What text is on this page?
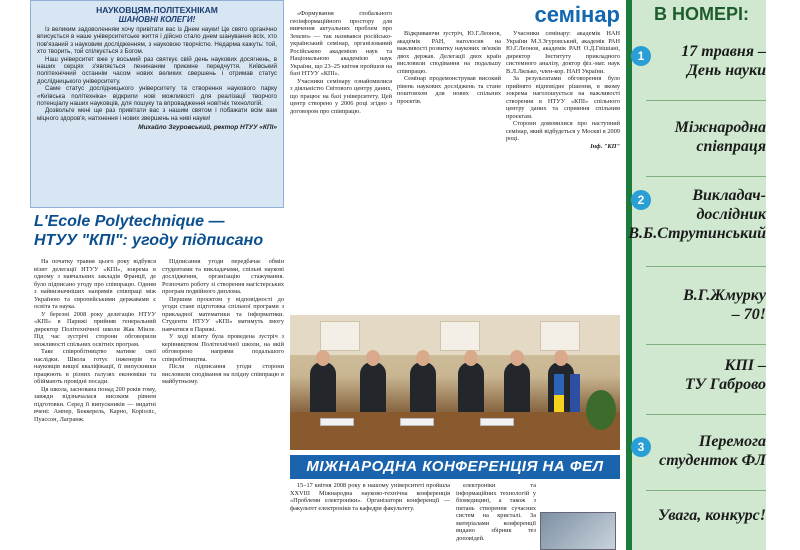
НАУКОВЦЯМ-ПОЛІТЕХНІКАМ
ШАНОВНІ КОЛЕГИ!

Із великим задоволенням хочу привітати вас із Днем науки! Це свято органічно вписується в наше університетське життя і дійсно стало днем шанування всіх, хто пов'язаний з науковим дослідженням, з науковою творчістю. Недарма кажуть: той, хто творить, той спілкується з Богом.

Наш університет вже у восьмий раз святкує свій день наукових досягнень, в наших серцях з'являється пенинаним приємне передчуття. Київський політехнічний останнім часом нових великих свершень і отримав статус дослідницького університету.

Саме статус дослідницького університету та створення наукового парку «Київська політехніка» відкрили нові можливості для реалізації творчого потенціалу наших науковців, для пошуку та впровадження новітніх технологій.

Дозвольте мені ще раз привітати вас з нашим святом і побажати всім вам міцного здоров'я, натхнення і нових звершень на ниві науки!

Михайло Згуровський, ректор НТУУ «КПІ»
L'Ecole Polytechnique —
НТУУ "КПІ": угоду підписано

На початку травня цього року відбувся візит делегації НТУУ «КПІ», зокрема в одному з навчальних закладів Франції, де було підписано угоду про співпрацю. Одним з найвизначніших напрямів співпраці між Україною та європейськими державами є освіта та наука.

У березні 2008 року делегацію НТУУ «КПІ» в Парижі прийняв генеральний директор Політехнічної школи Жак Мінле. Під час зустрічі сторони обговорили можливості спільних освітніх програм.

Таке співробітництво матиме свої наслідки. Школа готує інженерів та науковців вищої кваліфікації, її випускники працюють в різних галузях економіки та обіймають провідні посади.

Ця школа, заснована понад 200 років тому, завжди відзначалася високим рівнем підготовки. Серед її випускників — видатні вчені: Ампер, Беккерель, Карно, Коріоліс, Пуассон, Лагранж.

Підписання угоди передбачає обмін студентами та викладачами, спільні наукові дослідження, організацію стажування. Розпочато роботу зі створення магістерських програм подвійного диплома.

Першим проєктом у відповідності до угоди стане підготовка спільної програми з прикладної математики та інформатики. Студенти НТУУ «КПІ» матимуть змогу навчатися в Парижі.

У ході візиту була проведена зустріч з керівництвом Політехнічної школи, на якій обговорено напрями подальшого співробітництва.

Після підписання угоди сторони висловили сподівання на плідну співпрацю в майбутньому.

семінар

«Формування глобального геоінформаційного простору для вивчення актуальних проблем про Землю» — так називався російсько-український семінар, організований Російською академією наук та Національною академією наук України, що 23–25 квітня пройшов на базі НТУУ «КПІ».

Учасники семінару ознайомилися з діяльністю Світового центру даних, що працює на базі університету. Цей центр створено у 2006 році згідно з договором про співпрацю.

Відкриваючи зустріч, Ю.Г.Леонов, академік РАН, наголосив на важливості розвитку наукових зв'язків двох держав. Делегації двох країн висловили сподівання на подальшу співпрацю.

Семінар продемонстрував високий рівень наукових досліджень та стане поштовхом для нових спільних проєктів.

Учасники семінару: академік НАН України М.З.Згуровський, академік РАН Ю.Г.Леонов, академік РАН О.Д.Гвішіані, директор Інституту прикладного системного аналізу, доктор фіз.-мат. наук В.Л.Лялько, член-кор. НАН України.

За результатами обговорення було прийнято відповідне рішення, в якому зокрема наголошується на важливості створення в НТУУ «КПІ» спільного центру даних та сприяння спільним проєктам.

Сторони домовилися про наступний семінар, який відбудеться у Москві в 2009 році.

Інф. "КП"

МІЖНАРОДНА КОНФЕРЕНЦІЯ НА ФЕЛ

15–17 квітня 2008 року в нашому університеті пройшла XXVIII Міжнародна науково-технічна конференція «Проблеми електроніки». Організатори конференції — факультет електроніки та кафедри факультету.

електроніки та інформаційних технологій у біомедицині, а також з питань створення сучасних систем на кристалі. За матеріалами конференції видано збірник тез доповідей.

В НОМЕРІ:
1	17 травня –
День науки
Міжнародна
співпраця
2	Викладач-
дослідник
В.Б.Струтинський
В.Г.Жмурку
– 70!
КПІ –
ТУ Габрово
3	Перемога
студенток ФЛ
Увага, конкурс!
